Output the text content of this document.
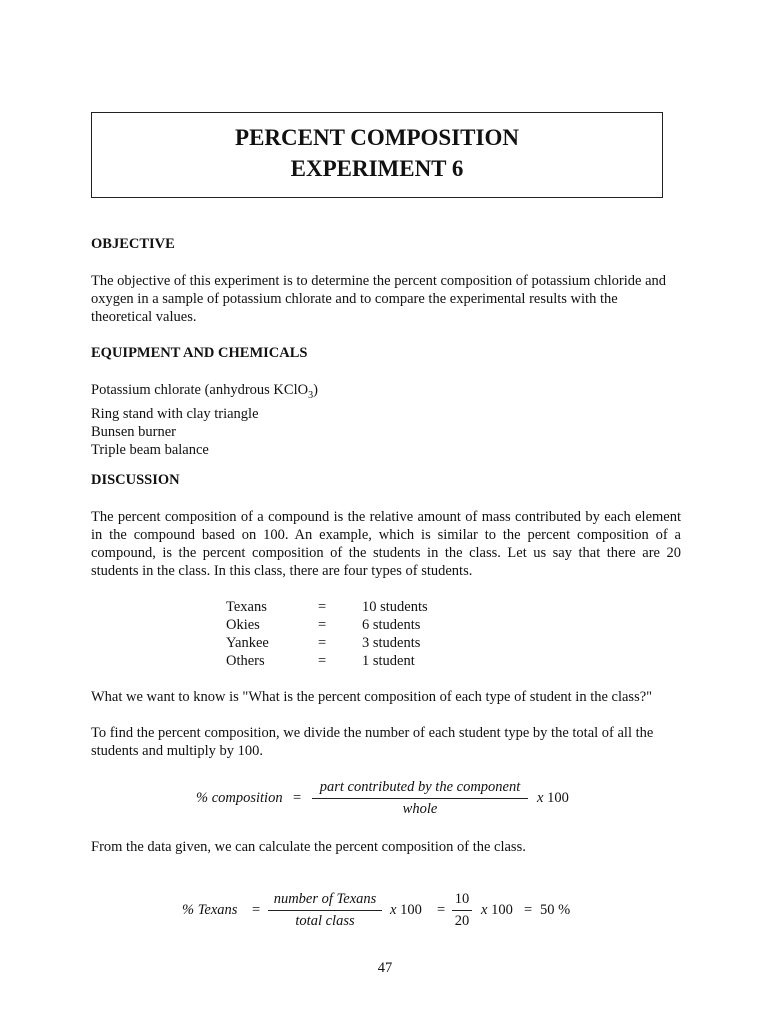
PERCENT COMPOSITION
EXPERIMENT 6
OBJECTIVE
The objective of this experiment is to determine the percent composition of potassium chloride and oxygen in a sample of potassium chlorate and to compare the experimental results with the theoretical values.
EQUIPMENT AND CHEMICALS
Potassium chlorate (anhydrous KClO$_3$)
Ring stand with clay triangle
Bunsen burner
Triple beam balance
DISCUSSION
The percent composition of a compound is the relative amount of mass contributed by each element in the compound based on 100. An example, which is similar to the percent composition of a compound, is the percent composition of the students in the class. Let us say that there are 20 students in the class. In this class, there are four types of students.
Texans	=	10 students
Okies	=	6 students
Yankee	=	3 students
Others	=	1 student
What we want to know is "What is the percent composition of each type of student in the class?"
To find the percent composition, we divide the number of each student type by the total of all the students and multiply by 100.
% composition =
part contributed by the component
whole
x 100
From the data given, we can calculate the percent composition of the class.
% Texans =
number of Texans
total class
x 100 =
10
20
x 100 = 50 %
47
